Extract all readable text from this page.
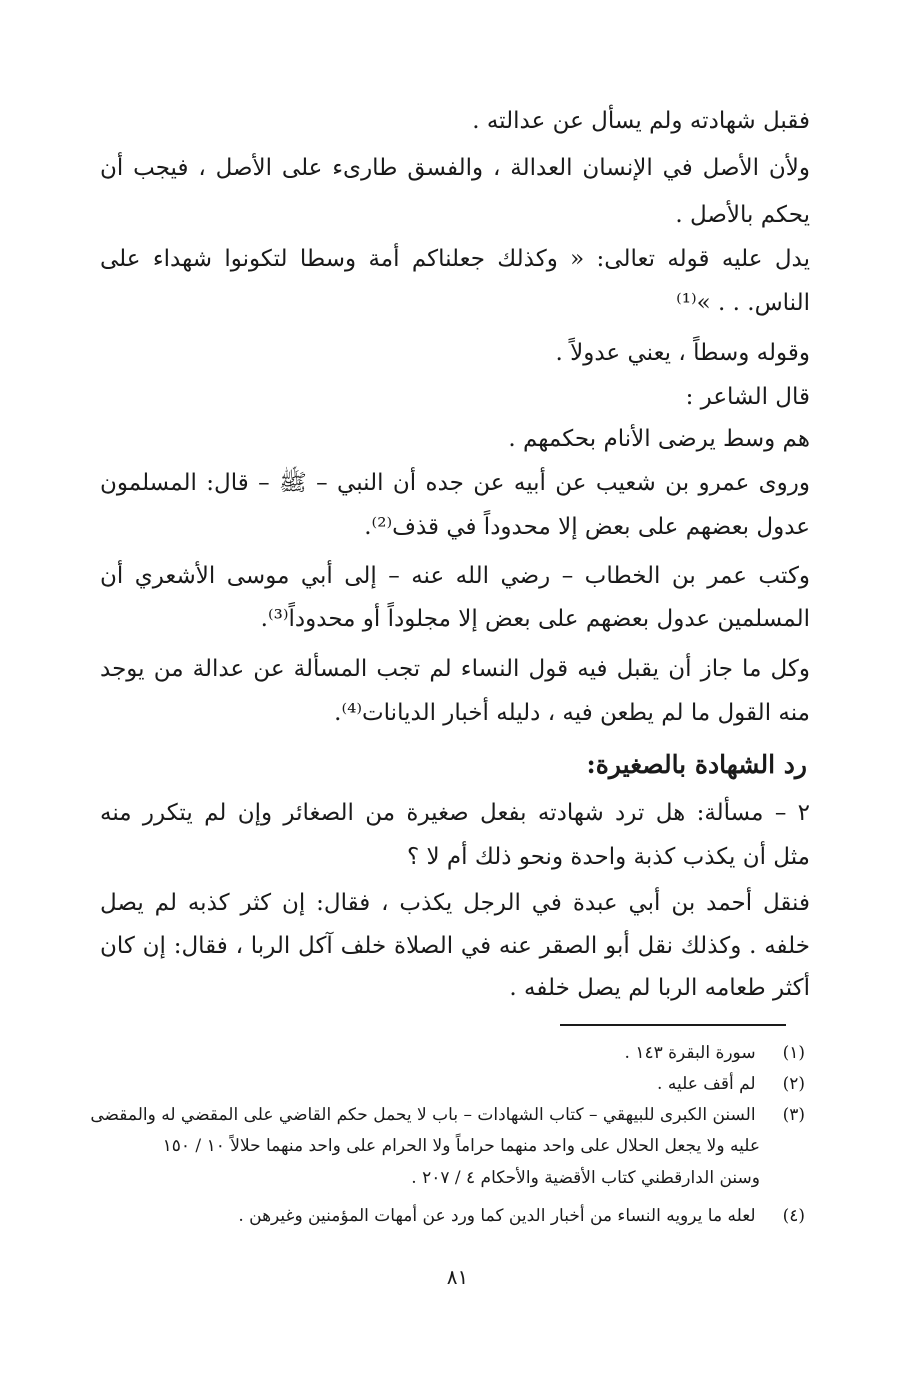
فقبل شهادته ولم يسأل عن عدالته .
ولأن الأصل في الإنسان العدالة ، والفسق طارىء على الأصل ، فيجب أن
يحكم بالأصل .
يدل عليه قوله تعالى: « وكذلك جعلناكم أمة وسطا لتكونوا شهداء على
الناس. . . »⁽¹⁾
وقوله وسطاً ، يعني عدولاً .
قال الشاعر :
هم وسط يرضى الأنام بحكمهم .
وروى عمرو بن شعيب عن أبيه عن جده أن النبي – ﷺ – قال: المسلمون
عدول بعضهم على بعض إلا محدوداً في قذف⁽²⁾.
وكتب عمر بن الخطاب – رضي الله عنه – إلى أبي موسى الأشعري أن
المسلمين عدول بعضهم على بعض إلا مجلوداً أو محدوداً⁽³⁾.
وكل ما جاز أن يقبل فيه قول النساء لم تجب المسألة عن عدالة من يوجد
منه القول ما لم يطعن فيه ، دليله أخبار الديانات⁽⁴⁾.
رد الشهادة بالصغيرة:
٢ – مسألة: هل ترد شهادته بفعل صغيرة من الصغائر وإن لم يتكرر منه
مثل أن يكذب كذبة واحدة ونحو ذلك أم لا ؟
فنقل أحمد بن أبي عبدة في الرجل يكذب ، فقال: إن كثر كذبه لم يصل
خلفه . وكذلك نقل أبو الصقر عنه في الصلاة خلف آكل الربا ، فقال: إن كان
أكثر طعامه الربا لم يصل خلفه .
(١) سورة البقرة ١٤٣ .
(٢) لم أقف عليه .
(٣) السنن الكبرى للبيهقي – كتاب الشهادات – باب لا يحمل حكم القاضي على المقضي له والمقضى
عليه ولا يجعل الحلال على واحد منهما حراماً ولا الحرام على واحد منهما حلالاً ١٠ / ١٥٠
وسنن الدارقطني كتاب الأقضية والأحكام ٤ / ٢٠٧ .
(٤) لعله ما يرويه النساء من أخبار الدين كما ورد عن أمهات المؤمنين وغيرهن .
٨١
